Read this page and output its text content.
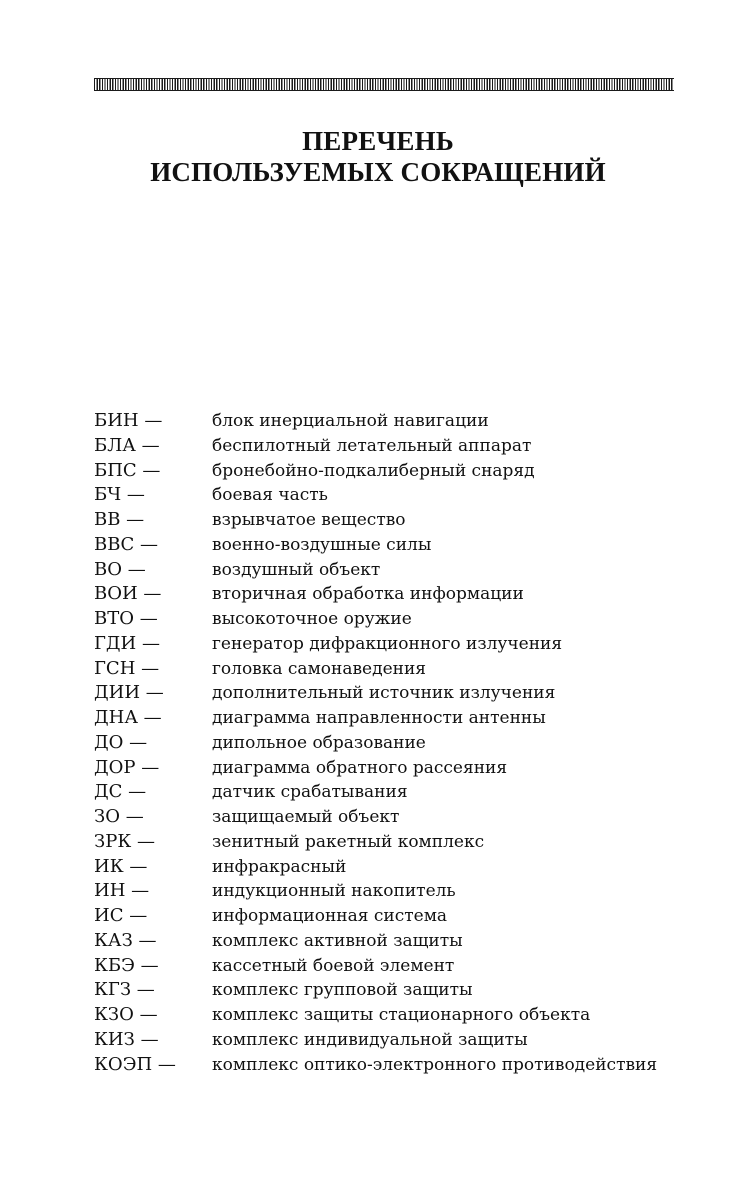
ПЕРЕЧЕНЬ
ИСПОЛЬЗУЕМЫХ СОКРАЩЕНИЙ
БИН —	блок инерциальной навигации
БЛА —	беспилотный летательный аппарат
БПС —	бронебойно-подкалиберный снаряд
БЧ —	боевая часть
ВВ —	взрывчатое вещество
ВВС —	военно-воздушные силы
ВО —	воздушный объект
ВОИ —	вторичная обработка информации
ВТО —	высокоточное оружие
ГДИ —	генератор дифракционного излучения
ГСН —	головка самонаведения
ДИИ —	дополнительный источник излучения
ДНА —	диаграмма направленности антенны
ДО —	дипольное образование
ДОР —	диаграмма обратного рассеяния
ДС —	датчик срабатывания
ЗО —	защищаемый объект
ЗРК —	зенитный ракетный комплекс
ИК —	инфракрасный
ИН —	индукционный накопитель
ИС —	информационная система
КАЗ —	комплекс активной защиты
КБЭ —	кассетный боевой элемент
КГЗ —	комплекс групповой защиты
КЗО —	комплекс защиты стационарного объекта
КИЗ —	комплекс индивидуальной защиты
КОЭП —	комплекс оптико-электронного противодействия
